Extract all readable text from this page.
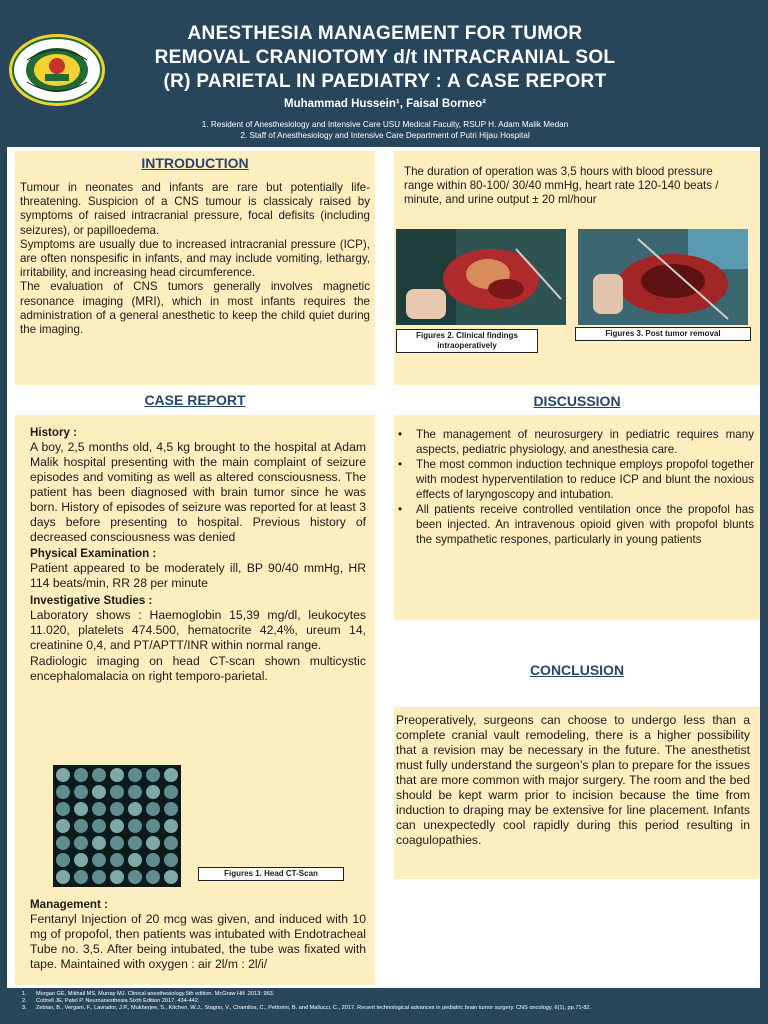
ANESTHESIA MANAGEMENT FOR TUMOR
REMOVAL CRANIOTOMY d/t INTRACRANIAL SOL
(R) PARIETAL IN PAEDIATRY : A CASE REPORT
Muhammad Hussein¹, Faisal Borneo²
1. Resident of Anesthesiology and Intensive Care USU Medical Faculty, RSUP H. Adam Malik Medan
2. Staff of Anesthesiology and Intensive Care Department of Putri Hijau Hospital
INTRODUCTION
Tumour in neonates and infants are rare but potentially life-threatening. Suspicion of a CNS tumour is classicaly raised by symptoms of raised intracranial pressure, focal defisits (including seizures), or papilloedema.
Symptoms are usually due to increased intracranial pressure (ICP), are often nonspesific in infants, and may include vomiting, lethargy, irritability, and increasing head circumference.
The evaluation of CNS tumors generally involves magnetic resonance imaging (MRI), which in most infants requires the administration of a general anesthetic to keep the child quiet during the imaging.
The duration of operation was 3,5 hours with blood pressure range within 80-100/ 30/40 mmHg, heart rate 120-140 beats / minute, and urine output ± 20 ml/hour
Figures 2. Clinical findings intraoperatively
Figures 3. Post tumor removal
CASE REPORT
History :
A boy, 2,5 months old, 4,5 kg brought to the hospital at Adam Malik hospital presenting with the main complaint of seizure episodes and vomiting as well as altered consciousness. The patient has been diagnosed with brain tumor since he was born. History of episodes of seizure was reported for at least 3 days before presenting to hospital. Previous history of decreased consciousness was denied
Physical Examination :
Patient appeared to be moderately ill, BP 90/40 mmHg, HR 114 beats/min, RR 28 per minute
Investigative Studies :
Laboratory shows : Haemoglobin 15,39 mg/dl, leukocytes 11.020, platelets 474.500, hematocrite 42,4%, ureum 14, creatinine 0,4, and PT/APTT/INR within normal range.
Radiologic imaging on head CT-scan shown multicystic encephalomalacia on right temporo-parietal.
Figures 1. Head CT-Scan
Management :
Fentanyl Injection of 20 mcg was given, and induced with 10 mg of propofol, then patients was intubated with Endotracheal Tube no. 3,5. After being intubated, the tube was fixated with tape. Maintained with oxygen : air 2l/m : 2l/i/
DISCUSSION
• The management of neurosurgery in pediatric requires many aspects, pediatric physiology, and anesthesia care.
• The most common induction technique employs propofol together with modest hyperventilation to reduce ICP and blunt the noxious effects of laryngoscopy and intubation.
• All patients receive controlled ventilation once the propofol has been injected. An intravenous opioid given with propofol blunts the sympathetic respones, particularly in young patients
CONCLUSION
Preoperatively, surgeons can choose to undergo less than a complete cranial vault remodeling, there is a higher possibility that a revision may be necessary in the future. The anesthetist must fully understand the surgeon’s plan to prepare for the issues that are more common with major surgery. The room and the bed should be kept warm prior to incision because the time from induction to draping may be extensive for line placement. Infants can unexpectedly cool rapidly during this period resulting in coagulopathies.
1. Morgan GE, Mikhail MS, Murray MJ. Clinical anesthesiology.5th edition. McGraw Hill .2013: 963.
2. Cottrell JE, Patel P. Neuroanesthesia Sixth Edition 2017. 434-442.
3. Zebian, B., Vergani, F., Lavrador, J.P., Mukherjee, S., Kitchen, W.J., Stagno, V., Chamilos, C., Pettorini, B. and Mallucci, C., 2017. Recent technological advances in pediatric brain tumor surgery. CNS oncology, 6(1), pp.71-82.
